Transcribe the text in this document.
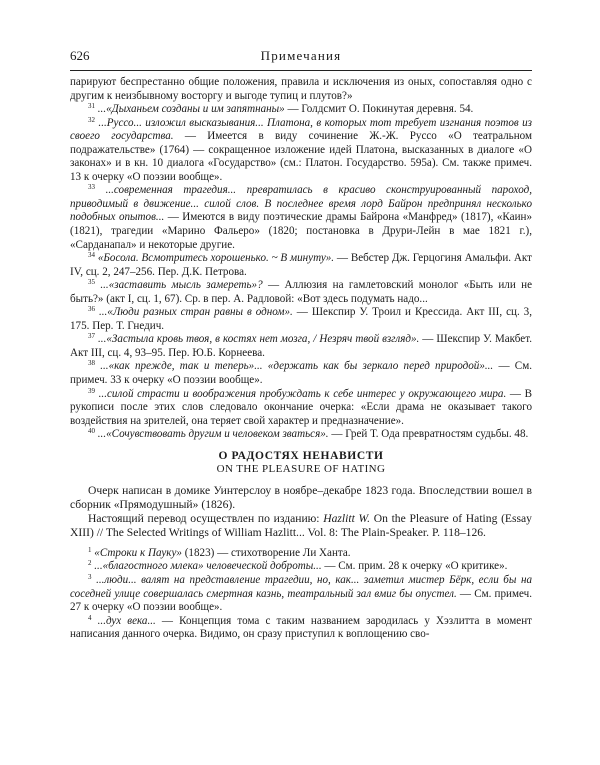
626	Примечания

парируют беспрестанно общие положения, правила и исключения из оных, сопоставляя одно с другим к неизбывному восторгу и выгоде тупиц и плутов?»

$^{31}$ ...«Дыханьем созданы и им запятнаны» — Голдсмит О. Покинутая деревня. 54.

$^{32}$ ...Руссо... изложил высказывания... Платона, в которых тот требует изгнания поэтов из своего государства. — Имеется в виду сочинение Ж.-Ж. Руссо «О театральном подражательстве» (1764) — сокращенное изложение идей Платона, высказанных в диалоге «О законах» и в кн. 10 диалога «Государство» (см.: Платон. Государство. 595а). См. также примеч. 13 к очерку «О поэзии вообще».

$^{33}$ ...современная трагедия... превратилась в красиво сконструированный пароход, приводимый в движение... силой слов. В последнее время лорд Байрон предпринял несколько подобных опытов... — Имеются в виду поэтические драмы Байрона «Манфред» (1817), «Каин» (1821), трагедии «Марино Фальеро» (1820; постановка в Друри-Лейн в мае 1821 г.), «Сарданапал» и некоторые другие.

$^{34}$ «Босола. Всмотритесь хорошенько. ~ В минуту». — Вебстер Дж. Герцогиня Амальфи. Акт IV, сц. 2, 247–256. Пер. Д.К. Петрова.

$^{35}$ ...«заставить мысль замереть»? — Аллюзия на гамлетовский монолог «Быть или не быть?» (акт I, сц. 1, 67). Ср. в пер. А. Радловой: «Вот здесь подумать надо...

$^{36}$ ...«Люди разных стран равны в одном». — Шекспир У. Троил и Крессида. Акт III, сц. 3, 175. Пер. Т. Гнедич.

$^{37}$ ...«Застыла кровь твоя, в костях нет мозга, / Незряч твой взгляд». — Шекспир У. Макбет. Акт III, сц. 4, 93–95. Пер. Ю.Б. Корнеева.

$^{38}$ ...«как прежде, так и теперь»... «держать как бы зеркало перед природой»... — См. примеч. 33 к очерку «О поэзии вообще».

$^{39}$ ...силой страсти и воображения пробуждать к себе интерес у окружающего мира. — В рукописи после этих слов следовало окончание очерка: «Если драма не оказывает такого воздействия на зрителей, она теряет свой характер и предназначение».

$^{40}$ ...«Сочувствовать другим и человеком зваться». — Грей Т. Ода превратностям судьбы. 48.

О РАДОСТЯХ НЕНАВИСТИ

ON THE PLEASURE OF HATING

Очерк написан в домике Уинтерслоу в ноябре–декабре 1823 года. Впоследствии вошел в сборник «Прямодушный» (1826).

Настоящий перевод осуществлен по изданию: Hazlitt W. On the Pleasure of Hating (Essay XIII) // The Selected Writings of William Hazlitt... Vol. 8: The Plain-Speaker. P. 118–126.

$^1$ «Строки к Пауку» (1823) — стихотворение Ли Ханта.

$^2$ ...«благостного млека» человеческой доброты... — См. прим. 28 к очерку «О критике».

$^3$ ...люди... валят на представление трагедии, но, как... заметил мистер Бёрк, если бы на соседней улице совершалась смертная казнь, театральный зал вмиг бы опустел. — См. примеч. 27 к очерку «О поэзии вообще».

$^4$ ...дух века... — Концепция тома с таким названием зародилась у Хэзлитта в момент написания данного очерка. Видимо, он сразу приступил к воплощению сво-
